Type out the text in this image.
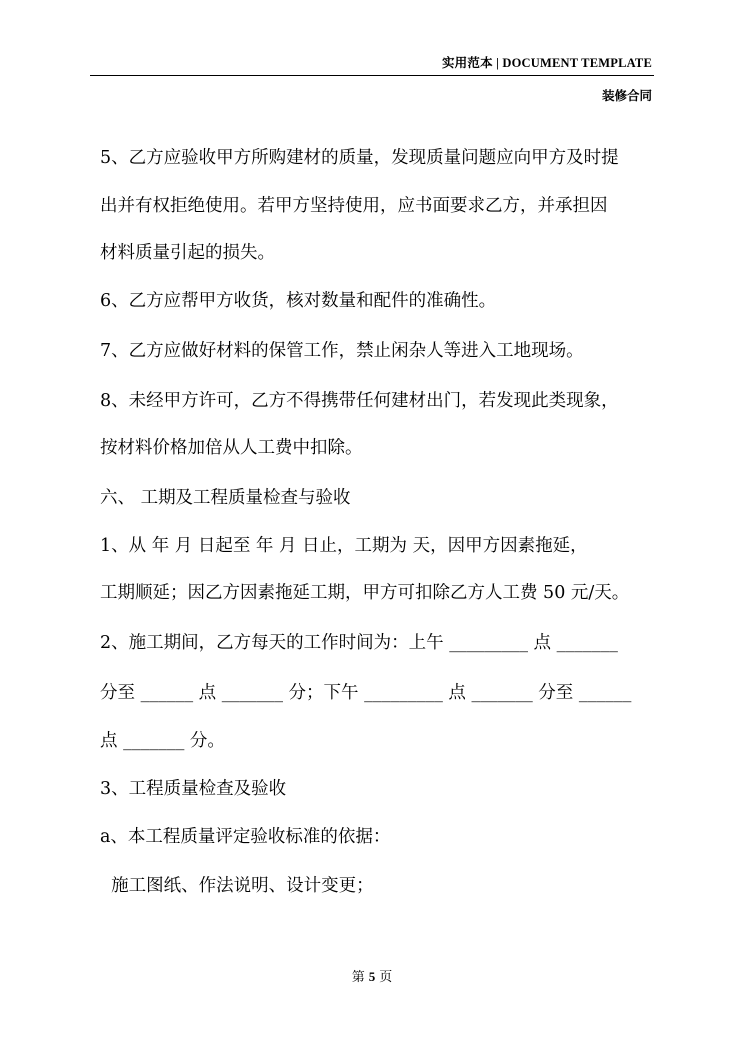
实用范本 | DOCUMENT TEMPLATE
装修合同
5、乙方应验收甲方所购建材的质量，发现质量问题应向甲方及时提
出并有权拒绝使用。若甲方坚持使用，应书面要求乙方，并承担因
材料质量引起的损失。
6、乙方应帮甲方收货，核对数量和配件的准确性。
7、乙方应做好材料的保管工作，禁止闲杂人等进入工地现场。
8、未经甲方许可，乙方不得携带任何建材出门，若发现此类现象，
按材料价格加倍从人工费中扣除。
六、 工期及工程质量检查与验收
1、从 年 月 日起至 年 月 日止，工期为 天，因甲方因素拖延，
工期顺延；因乙方因素拖延工期，甲方可扣除乙方人工费 50 元/天。
2、施工期间，乙方每天的工作时间为：上午 _________ 点 _______
分至 ______ 点 _______ 分；下午 _________ 点 _______ 分至 ______
点 _______ 分。
3、工程质量检查及验收
a、本工程质量评定验收标准的依据：
施工图纸、作法说明、设计变更；
第 5 页
